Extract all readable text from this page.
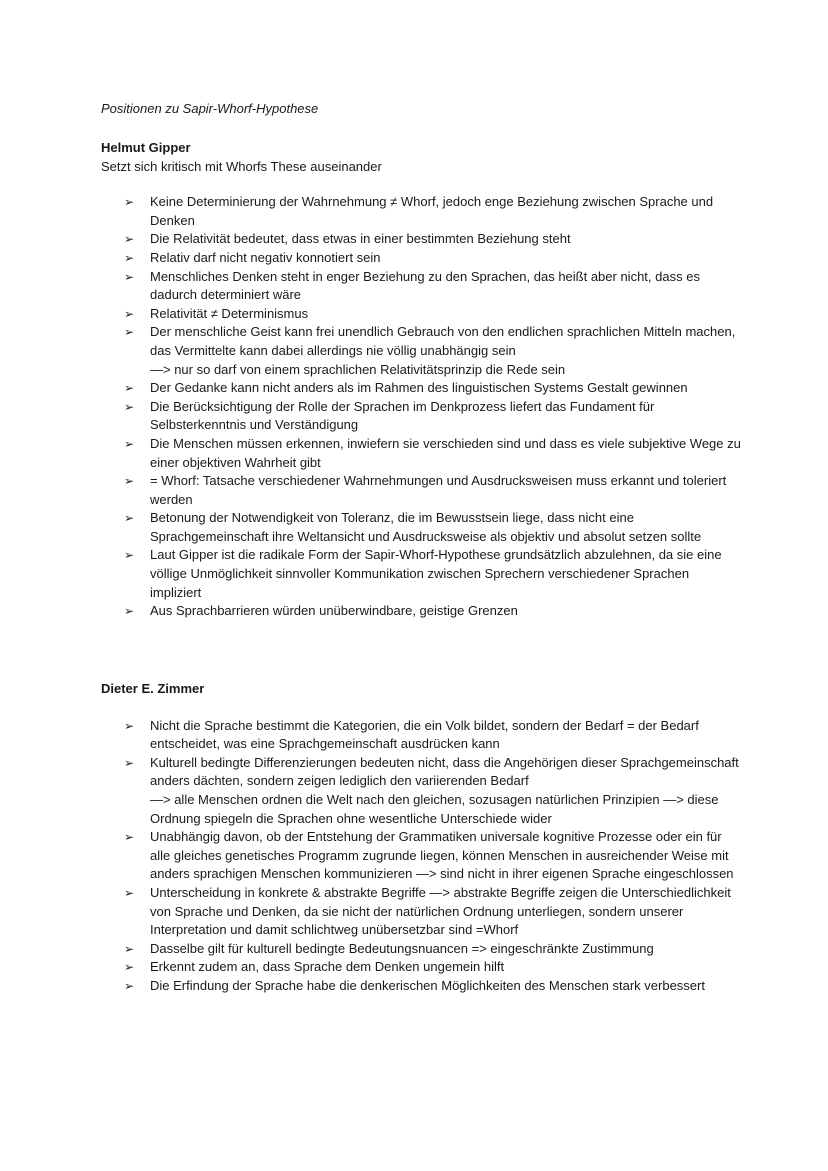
Positionen zu Sapir-Whorf-Hypothese

Helmut Gipper

Setzt sich kritisch mit Whorfs These auseinander

➢ Keine Determinierung der Wahrnehmung ≠ Whorf, jedoch enge Beziehung zwischen Sprache und Denken
➢ Die Relativität bedeutet, dass etwas in einer bestimmten Beziehung steht
➢ Relativ darf nicht negativ konnotiert sein
➢ Menschliches Denken steht in enger Beziehung zu den Sprachen, das heißt aber nicht, dass es dadurch determiniert wäre
➢ Relativität ≠ Determinismus
➢ Der menschliche Geist kann frei unendlich Gebrauch von den endlichen sprachlichen Mitteln machen, das Vermittelte kann dabei allerdings nie völlig unabhängig sein
—> nur so darf von einem sprachlichen Relativitätsprinzip die Rede sein
➢ Der Gedanke kann nicht anders als im Rahmen des linguistischen Systems Gestalt gewinnen
➢ Die Berücksichtigung der Rolle der Sprachen im Denkprozess liefert das Fundament für Selbsterkenntnis und Verständigung
➢ Die Menschen müssen erkennen, inwiefern sie verschieden sind und dass es viele subjektive Wege zu einer objektiven Wahrheit gibt
➢ = Whorf: Tatsache verschiedener Wahrnehmungen und Ausdrucksweisen muss erkannt und toleriert werden
➢ Betonung der Notwendigkeit von Toleranz, die im Bewusstsein liege, dass nicht eine Sprachgemeinschaft ihre Weltansicht und Ausdrucksweise als objektiv und absolut setzen sollte
➢ Laut Gipper ist die radikale Form der Sapir-Whorf-Hypothese grundsätzlich abzulehnen, da sie eine völlige Unmöglichkeit sinnvoller Kommunikation zwischen Sprechern verschiedener Sprachen impliziert
➢ Aus Sprachbarrieren würden unüberwindbare, geistige Grenzen

Dieter E. Zimmer

➢ Nicht die Sprache bestimmt die Kategorien, die ein Volk bildet, sondern der Bedarf = der Bedarf entscheidet, was eine Sprachgemeinschaft ausdrücken kann
➢ Kulturell bedingte Differenzierungen bedeuten nicht, dass die Angehörigen dieser Sprachgemeinschaft anders dächten, sondern zeigen lediglich den variierenden Bedarf
—> alle Menschen ordnen die Welt nach den gleichen, sozusagen natürlichen Prinzipien —> diese Ordnung spiegeln die Sprachen ohne wesentliche Unterschiede wider
➢ Unabhängig davon, ob der Entstehung der Grammatiken universale kognitive Prozesse oder ein für alle gleiches genetisches Programm zugrunde liegen, können Menschen in ausreichender Weise mit anders sprachigen Menschen kommunizieren —> sind nicht in ihrer eigenen Sprache eingeschlossen
➢ Unterscheidung in konkrete & abstrakte Begriffe —> abstrakte Begriffe zeigen die Unterschiedlichkeit von Sprache und Denken, da sie nicht der natürlichen Ordnung unterliegen, sondern unserer Interpretation und damit schlichtweg unübersetzbar sind =Whorf
➢ Dasselbe gilt für kulturell bedingte Bedeutungsnuancen => eingeschränkte Zustimmung
➢ Erkennt zudem an, dass Sprache dem Denken ungemein hilft
➢ Die Erfindung der Sprache habe die denkerischen Möglichkeiten des Menschen stark verbessert
